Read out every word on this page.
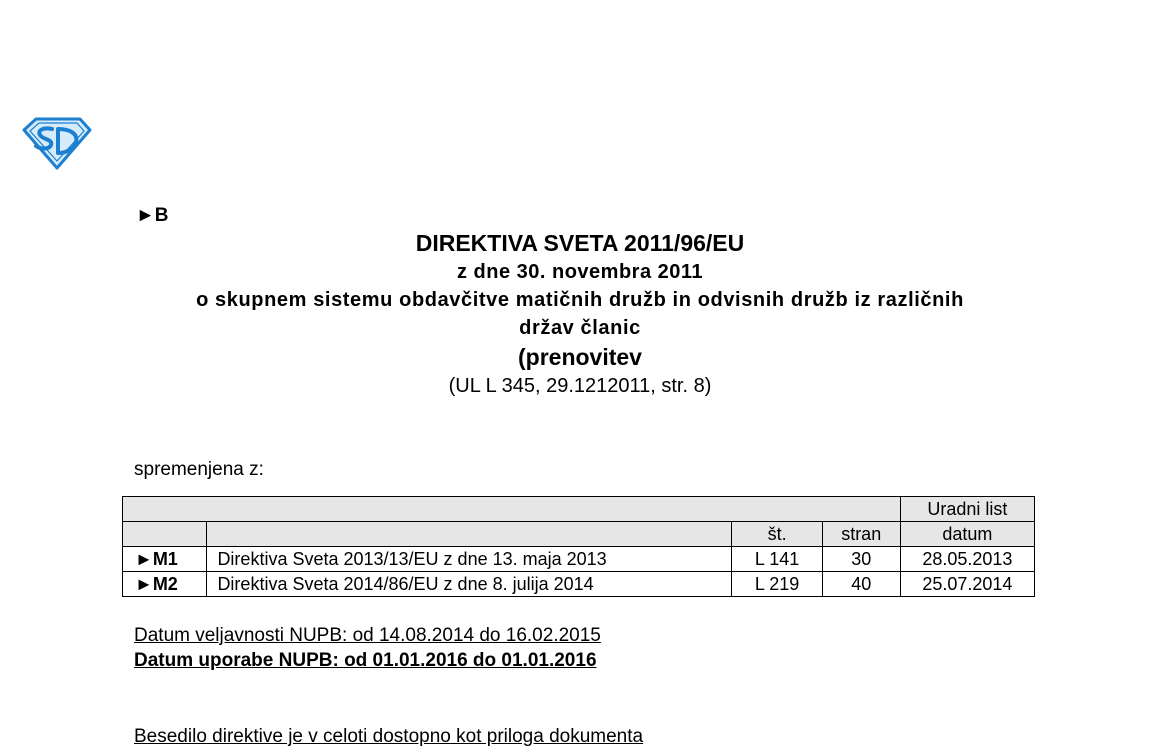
►B
DIREKTIVA SVETA 2011/96/EU
z dne 30. novembra 2011
o skupnem sistemu obdavčitve matičnih družb in odvisnih družb iz različnih
držav članic
(prenovitev
(UL L 345, 29.1212011, str. 8)
spremenjena z:
				Uradni list
		št.	stran	datum
►M1	Direktiva Sveta 2013/13/EU z dne 13. maja 2013	L 141	30	28.05.2013
►M2	Direktiva Sveta 2014/86/EU z dne 8. julija 2014	L 219	40	25.07.2014
Datum veljavnosti NUPB: od 14.08.2014 do 16.02.2015
Datum uporabe NUPB: od 01.01.2016 do 01.01.2016
Besedilo direktive je v celoti dostopno kot priloga dokumenta
